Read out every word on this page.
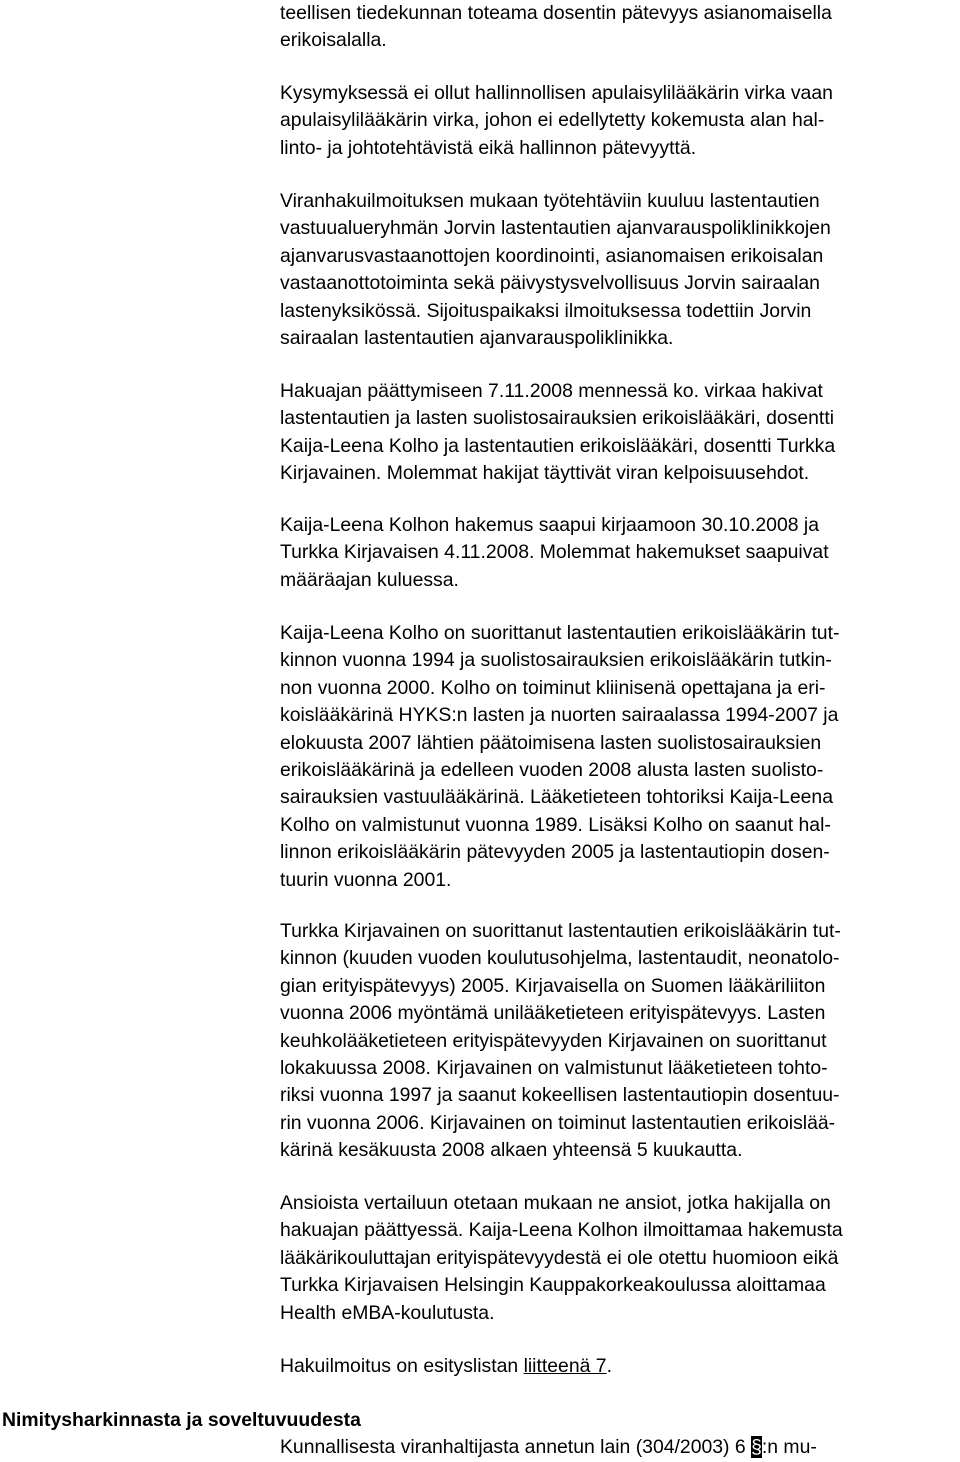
teellisen tiedekunnan toteama dosentin pätevyys asianomaisella
erikoisalalla.
Kysymyksessä ei ollut hallinnollisen apulaisylilääkärin virka vaan
apulaisylilääkärin virka, johon ei edellytetty kokemusta alan hal-
linto- ja johtotehtävistä eikä hallinnon pätevyyttä.
Viranhakuilmoituksen mukaan työtehtäviin kuuluu lastentautien
vastuualueryhmän Jorvin lastentautien ajanvarauspoliklinikkojen
ajanvarusvastaanottojen koordinointi, asianomaisen erikoisalan
vastaanottotoiminta sekä päivystysvelvollisuus Jorvin sairaalan
lastenyksikössä. Sijoituspaikaksi ilmoituksessa todettiin Jorvin
sairaalan lastentautien ajanvarauspoliklinikka.
Hakuajan päättymiseen 7.11.2008 mennessä ko. virkaa hakivat
lastentautien ja lasten suolistosairauksien erikoislääkäri, dosentti
Kaija-Leena Kolho ja lastentautien erikoislääkäri, dosentti Turkka
Kirjavainen. Molemmat hakijat täyttivät viran kelpoisuusehdot.
Kaija-Leena Kolhon hakemus saapui kirjaamoon 30.10.2008 ja
Turkka Kirjavaisen 4.11.2008. Molemmat hakemukset saapuivat
määräajan kuluessa.
Kaija-Leena Kolho on suorittanut lastentautien erikoislääkärin tut-
kinnon vuonna 1994 ja suolistosairauksien erikoislääkärin tutkin-
non vuonna 2000. Kolho on toiminut kliinisenä opettajana ja eri-
koislääkärinä HYKS:n lasten ja nuorten sairaalassa 1994-2007 ja
elokuusta 2007 lähtien päätoimisena lasten suolistosairauksien
erikoislääkärinä ja edelleen vuoden 2008 alusta lasten suolisto-
sairauksien vastuulääkärinä. Lääketieteen tohtoriksi Kaija-Leena
Kolho on valmistunut vuonna 1989. Lisäksi Kolho on saanut hal-
linnon erikoislääkärin pätevyyden 2005 ja lastentautiopin dosen-
tuurin vuonna 2001.
Turkka Kirjavainen on suorittanut lastentautien erikoislääkärin tut-
kinnon (kuuden vuoden koulutusohjelma, lastentaudit, neonatolo-
gian erityispätevyys) 2005. Kirjavaisella on Suomen lääkäriliiton
vuonna 2006 myöntämä unilääketieteen erityispätevyys. Lasten
keuhkolääketieteen erityispätevyyden Kirjavainen on suorittanut
lokakuussa 2008. Kirjavainen on valmistunut lääketieteen tohto-
riksi vuonna 1997 ja saanut kokeellisen lastentautiopin dosentuu-
rin vuonna 2006. Kirjavainen on toiminut lastentautien erikoislää-
kärinä kesäkuusta 2008 alkaen yhteensä 5 kuukautta.
Ansioista vertailuun otetaan mukaan ne ansiot, jotka hakijalla on
hakuajan päättyessä. Kaija-Leena Kolhon ilmoittamaa hakemusta
lääkärikouluttajan erityispätevyydestä ei ole otettu huomioon eikä
Turkka Kirjavaisen Helsingin Kauppakorkeakoulussa aloittamaa
Health eMBA-koulutusta.
Hakuilmoitus on esityslistan liitteenä 7.
Nimitysharkinnasta ja soveltuvuudesta
Kunnallisesta viranhaltijasta annetun lain (304/2003) 6 §:n mu-
